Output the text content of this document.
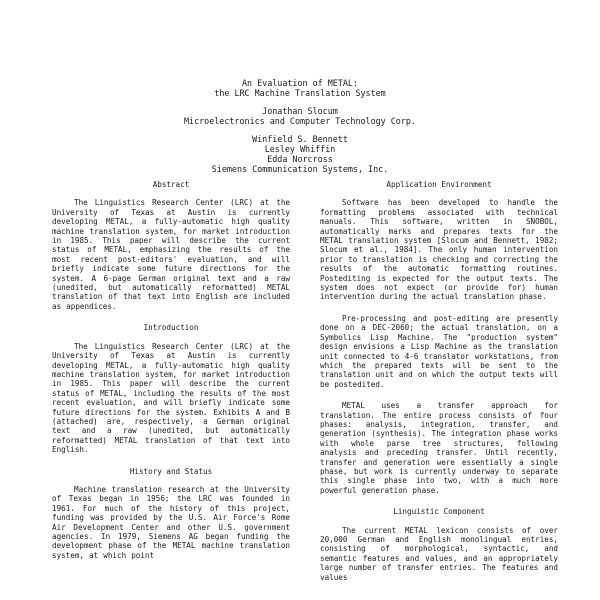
An Evaluation of METAL:
the LRC Machine Translation System
Jonathan Slocum
Microelectronics and Computer Technology Corp.
Winfield S. Bennett
Lesley Whiffin
Edda Norcross
Siemens Communication Systems, Inc.
Abstract
The Linguistics Research Center (LRC) at the University of Texas at Austin is currently developing METAL, a fully-automatic high quality machine translation system, for market introduction in 1985. This paper will describe the current status of METAL, emphasizing the results of the most recent post-editors' evaluation, and will briefly indicate some future directions for the system. A 6-page German original text and a raw (unedited, but automatically reformatted) METAL translation of that text into English are included as appendices.
Introduction
The Linguistics Research Center (LRC) at the University of Texas at Austin is currently developing METAL, a fully-automatic high quality machine translation system, for market introduction in 1985. This paper will describe the current status of METAL, including the results of the most recent evaluation, and will briefly indicate some future directions for the system. Exhibits A and B (attached) are, respectively, a German original text and a raw (unedited, but automatically reformatted) METAL translation of that text into English.
History and Status
Machine translation research at the University of Texas began in 1956; the LRC was founded in 1961. For much of the history of this project, funding was provided by the U.S. Air Force's Rome Air Development Center and other U.S. government agencies. In 1979, Siemens AG began funding the development phase of the METAL machine translation system, at which point
Application Environment
Software has been developed to handle the formatting problems associated with technical manuals. This software, written in SNOBOL, automatically marks and prepares texts for the METAL translation system [Slocum and Bennett, 1982; Slocum et al., 1984]. The only human intervention prior to translation is checking and correcting the results of the automatic formatting routines. Postediting is expected for the output texts. The system does not expect (or provide for) human intervention during the actual translation phase.
Pre-processing and post-editing are presently done on a DEC-2060; the actual translation, on a Symbolics Lisp Machine. The "production system" design envisions a Lisp Machine as the translation unit connected to 4-6 translator workstations, from which the prepared texts will be sent to the translation unit and on which the output texts will be postedited.
METAL uses a transfer approach for translation. The entire process consists of four phases: analysis, integration, transfer, and generation (synthesis). The integration phase works with whole parse tree structures, following analysis and preceding transfer. Until recently, transfer and generation were essentially a single phase, but work is currently underway to separate this single phase into two, with a much more powerful generation phase.
Linguistic Component
The current METAL lexicon consists of over 20,000 German and English monolingual entries, consisting of morphological, syntactic, and semantic features and values, and an appropriately large number of transfer entries. The features and values
